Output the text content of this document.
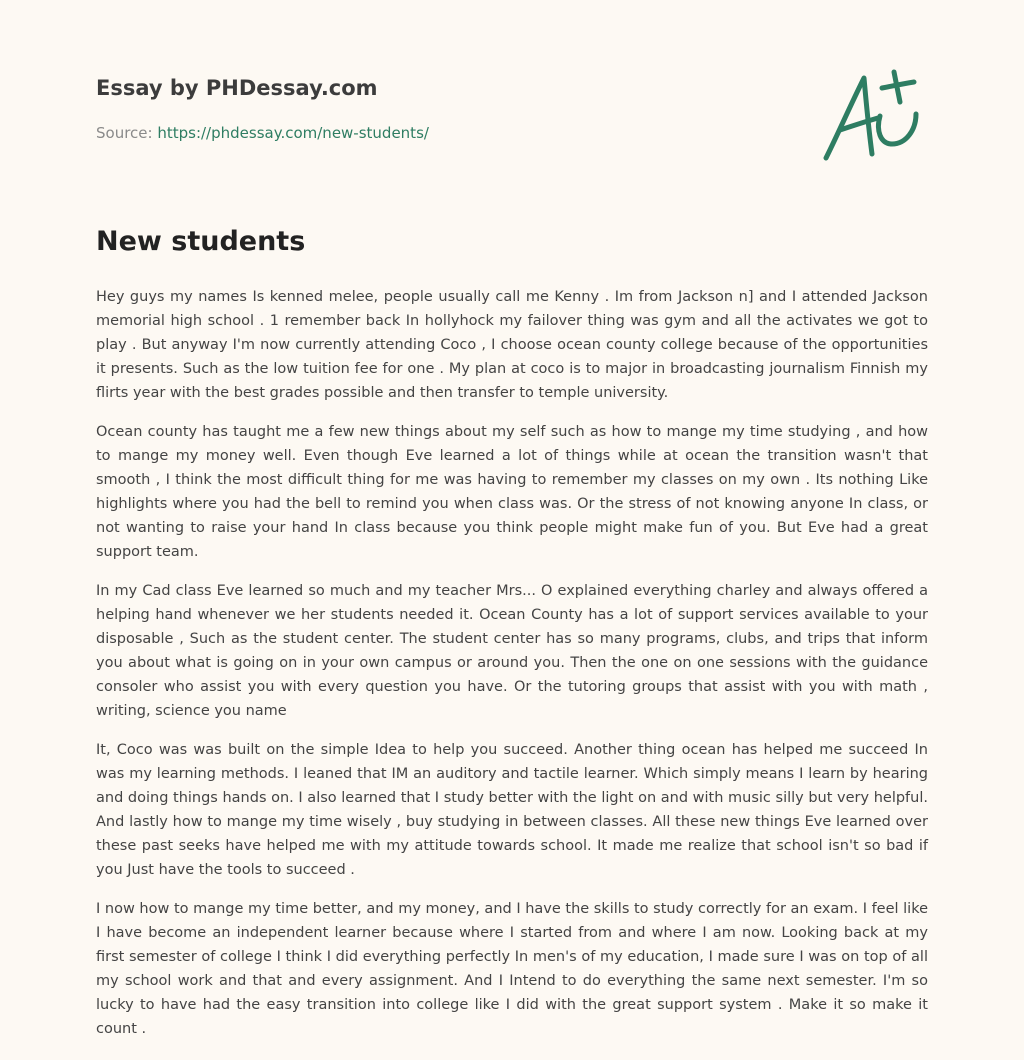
Essay by PHDessay.com
Source: https://phdessay.com/new-students/
New students

Hey guys my names Is kenned melee, people usually call me Kenny . Im from Jackson n] and I attended Jackson memorial high school . 1 remember back In hollyhock my failover thing was gym and all the activates we got to play . But anyway I'm now currently attending Coco , I choose ocean county college because of the opportunities it presents. Such as the low tuition fee for one . My plan at coco is to major in broadcasting journalism Finnish my flirts year with the best grades possible and then transfer to temple university.

Ocean county has taught me a few new things about my self such as how to mange my time studying , and how to mange my money well. Even though Eve learned a lot of things while at ocean the transition wasn't that smooth , I think the most difficult thing for me was having to remember my classes on my own . Its nothing Like highlights where you had the bell to remind you when class was. Or the stress of not knowing anyone In class, or not wanting to raise your hand In class because you think people might make fun of you. But Eve had a great support team.

In my Cad class Eve learned so much and my teacher Mrs... O explained everything charley and always offered a helping hand whenever we her students needed it. Ocean County has a lot of support services available to your disposable , Such as the student center. The student center has so many programs, clubs, and trips that inform you about what is going on in your own campus or around you. Then the one on one sessions with the guidance consoler who assist you with every question you have. Or the tutoring groups that assist with you with math , writing, science you name

It, Coco was was built on the simple Idea to help you succeed. Another thing ocean has helped me succeed In was my learning methods. I leaned that IM an auditory and tactile learner. Which simply means I learn by hearing and doing things hands on. I also learned that I study better with the light on and with music silly but very helpful. And lastly how to mange my time wisely , buy studying in between classes. All these new things Eve learned over these past seeks have helped me with my attitude towards school. It made me realize that school isn't so bad if you Just have the tools to succeed .

I now how to mange my time better, and my money, and I have the skills to study correctly for an exam. I feel like I have become an independent learner because where I started from and where I am now. Looking back at my first semester of college I think I did everything perfectly In men's of my education, I made sure I was on top of all my school work and that and every assignment. And I Intend to do everything the same next semester. I'm so lucky to have had the easy transition into college like I did with the great support system . Make it so make it count .
